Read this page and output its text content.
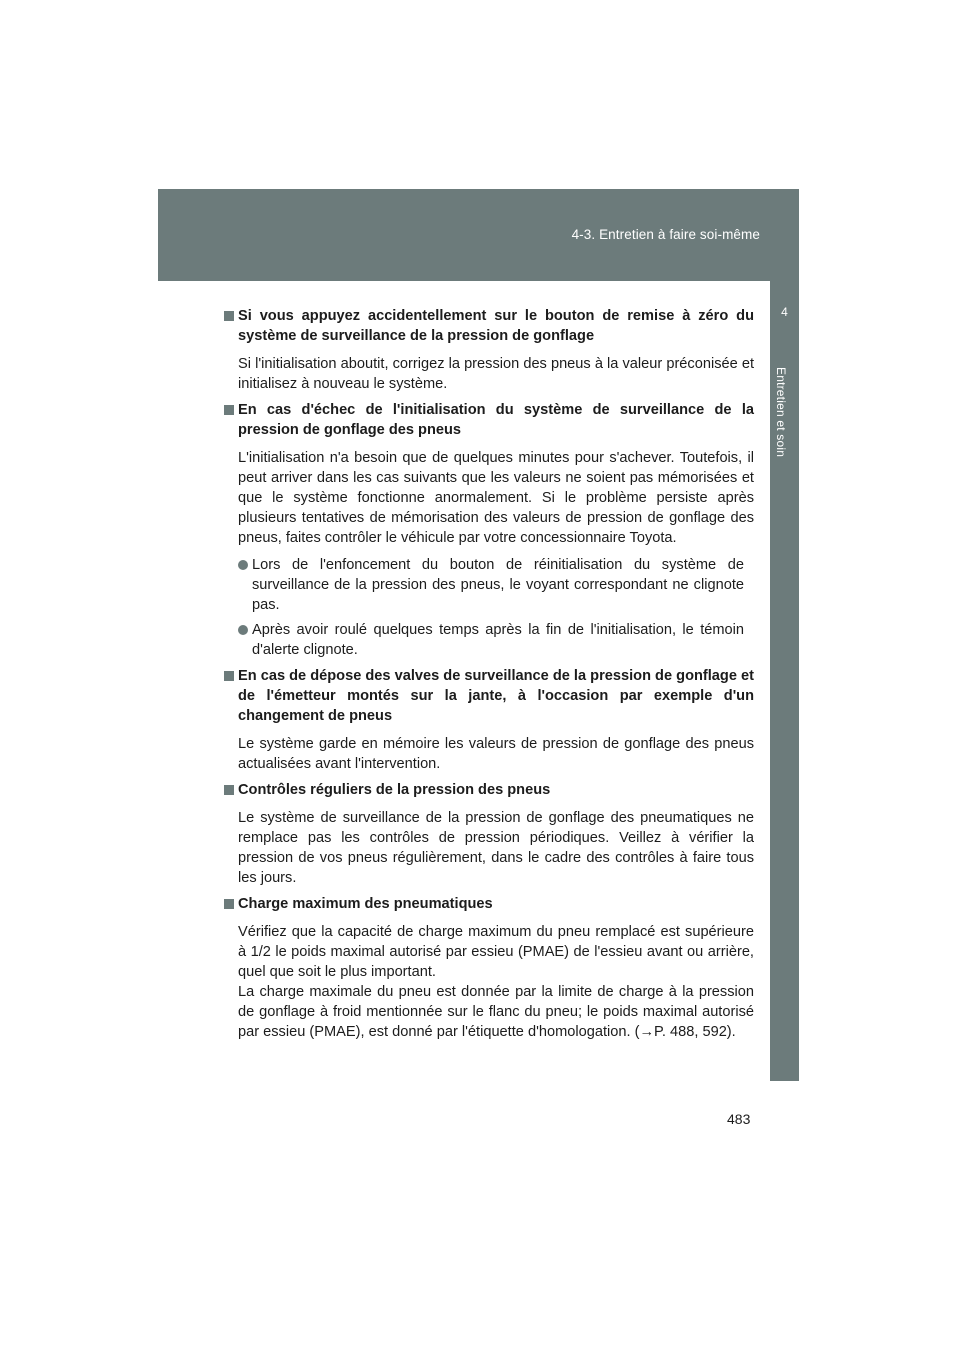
4-3. Entretien à faire soi-même
4
Entretien et soin
Si vous appuyez accidentellement sur le bouton de remise à zéro du système de surveillance de la pression de gonflage
Si l'initialisation aboutit, corrigez la pression des pneus à la valeur préconisée et initialisez à nouveau le système.
En cas d'échec de l'initialisation du système de surveillance de la pression de gonflage des pneus
L'initialisation n'a besoin que de quelques minutes pour s'achever. Toutefois, il peut arriver dans les cas suivants que les valeurs ne soient pas mémorisées et que le système fonctionne anormalement. Si le problème persiste après plusieurs tentatives de mémorisation des valeurs de pression de gonflage des pneus, faites contrôler le véhicule par votre concessionnaire Toyota.
Lors de l'enfoncement du bouton de réinitialisation du système de surveillance de la pression des pneus, le voyant correspondant ne clignote pas.
Après avoir roulé quelques temps après la fin de l'initialisation, le témoin d'alerte clignote.
En cas de dépose des valves de surveillance de la pression de gonflage et de l'émetteur montés sur la jante, à l'occasion par exemple d'un changement de pneus
Le système garde en mémoire les valeurs de pression de gonflage des pneus actualisées avant l'intervention.
Contrôles réguliers de la pression des pneus
Le système de surveillance de la pression de gonflage des pneumatiques ne remplace pas les contrôles de pression périodiques. Veillez à vérifier la pression de vos pneus régulièrement, dans le cadre des contrôles à faire tous les jours.
Charge maximum des pneumatiques
Vérifiez que la capacité de charge maximum du pneu remplacé est supérieure à 1/2 le poids maximal autorisé par essieu (PMAE) de l'essieu avant ou arrière, quel que soit le plus important.
La charge maximale du pneu est donnée par la limite de charge à la pression de gonflage à froid mentionnée sur le flanc du pneu; le poids maximal autorisé par essieu (PMAE), est donné par l'étiquette d'homologation. (→P. 488, 592).
483
